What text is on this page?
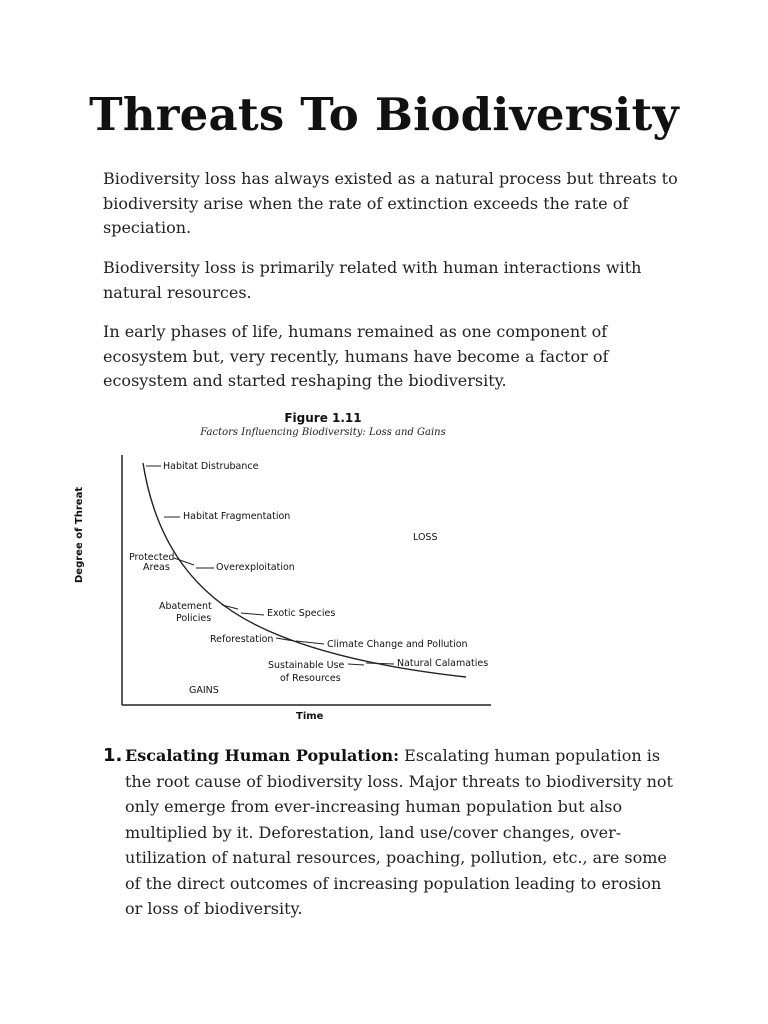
Threats To Biodiversity
Biodiversity loss has always existed as a natural process but threats to biodiversity arise when the rate of extinction exceeds the rate of speciation.
Biodiversity loss is primarily related with human interactions with natural resources.
In early phases of life, humans remained as one component of ecosystem but, very recently, humans have become a factor of ecosystem and started reshaping the biodiversity.
Figure 1.11
Factors Influencing Biodiversity: Loss and Gains
Degree of Threat
Time
Habitat Distrubance
Habitat Fragmentation
Overexploitation
Exotic Species
Climate Change and Pollution
Natural Calamaties
LOSS
GAINS
Protected
Areas
Abatement
Policies
Reforestation
Sustainable Use
of Resources
1. Escalating Human Population: Escalating human population is the root cause of biodiversity loss. Major threats to biodiversity not only emerge from ever-increasing human population but also multiplied by it. Deforestation, land use/cover changes, over-utilization of natural resources, poaching, pollution, etc., are some of the direct outcomes of increasing population leading to erosion or loss of biodiversity.
